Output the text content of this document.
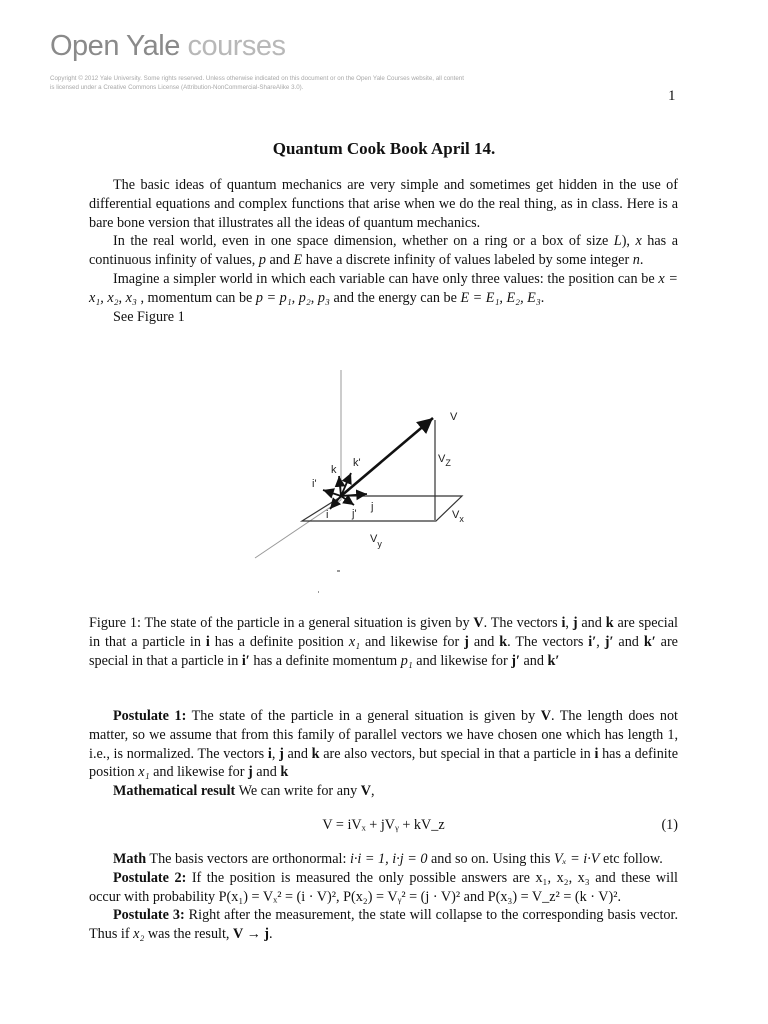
Open Yale courses
Copyright © 2012 Yale University. Some rights reserved. Unless otherwise indicated on this document or on the Open Yale Courses website, all content is licensed under a Creative Commons License (Attribution-NonCommercial-ShareAlike 3.0).
1
Quantum Cook Book April 14.

The basic ideas of quantum mechanics are very simple and sometimes get hidden in the use of differential equations and complex functions that arise when we do the real thing, as in class. Here is a bare bone version that illustrates all the ideas of quantum mechanics.

In the real world, even in one space dimension, whether on a ring or a box of size L), x has a continuous infinity of values, p and E have a discrete infinity of values labeled by some integer n.

Imagine a simpler world in which each variable can have only three values: the position can be x = x₁, x₂, x₃ , momentum can be p = p₁, p₂, p₃ and the energy can be E = E₁, E₂, E₃.

See Figure 1

V
$V_Z$
$V_x$
$V_y$
k
k'
i'
i
j
j'

Figure 1: The state of the particle in a general situation is given by V. The vectors i, j and k are special in that a particle in i has a definite position x₁ and likewise for j and k. The vectors i′, j′ and k′ are special in that a particle in i′ has a definite momentum p₁ and likewise for j′ and k′

Postulate 1: The state of the particle in a general situation is given by V. The length does not matter, so we assume that from this family of parallel vectors we have chosen one which has length 1, i.e., is normalized. The vectors i, j and k are also vectors, but special in that a particle in i has a definite position x₁ and likewise for j and k

Mathematical result We can write for any V,

V = iVₓ + jVᵧ + kV_z	(1)

Math The basis vectors are orthonormal: i·i = 1, i·j = 0 and so on. Using this Vₓ = i·V etc follow.

Postulate 2: If the position is measured the only possible answers are x₁, x₂, x₃ and these will occur with probability P(x₁) = Vₓ² = (i · V)², P(x₂) = Vᵧ² = (j · V)² and P(x₃) = V_z² = (k · V)².

Postulate 3: Right after the measurement, the state will collapse to the corresponding basis vector. Thus if x₂ was the result, V → j.
